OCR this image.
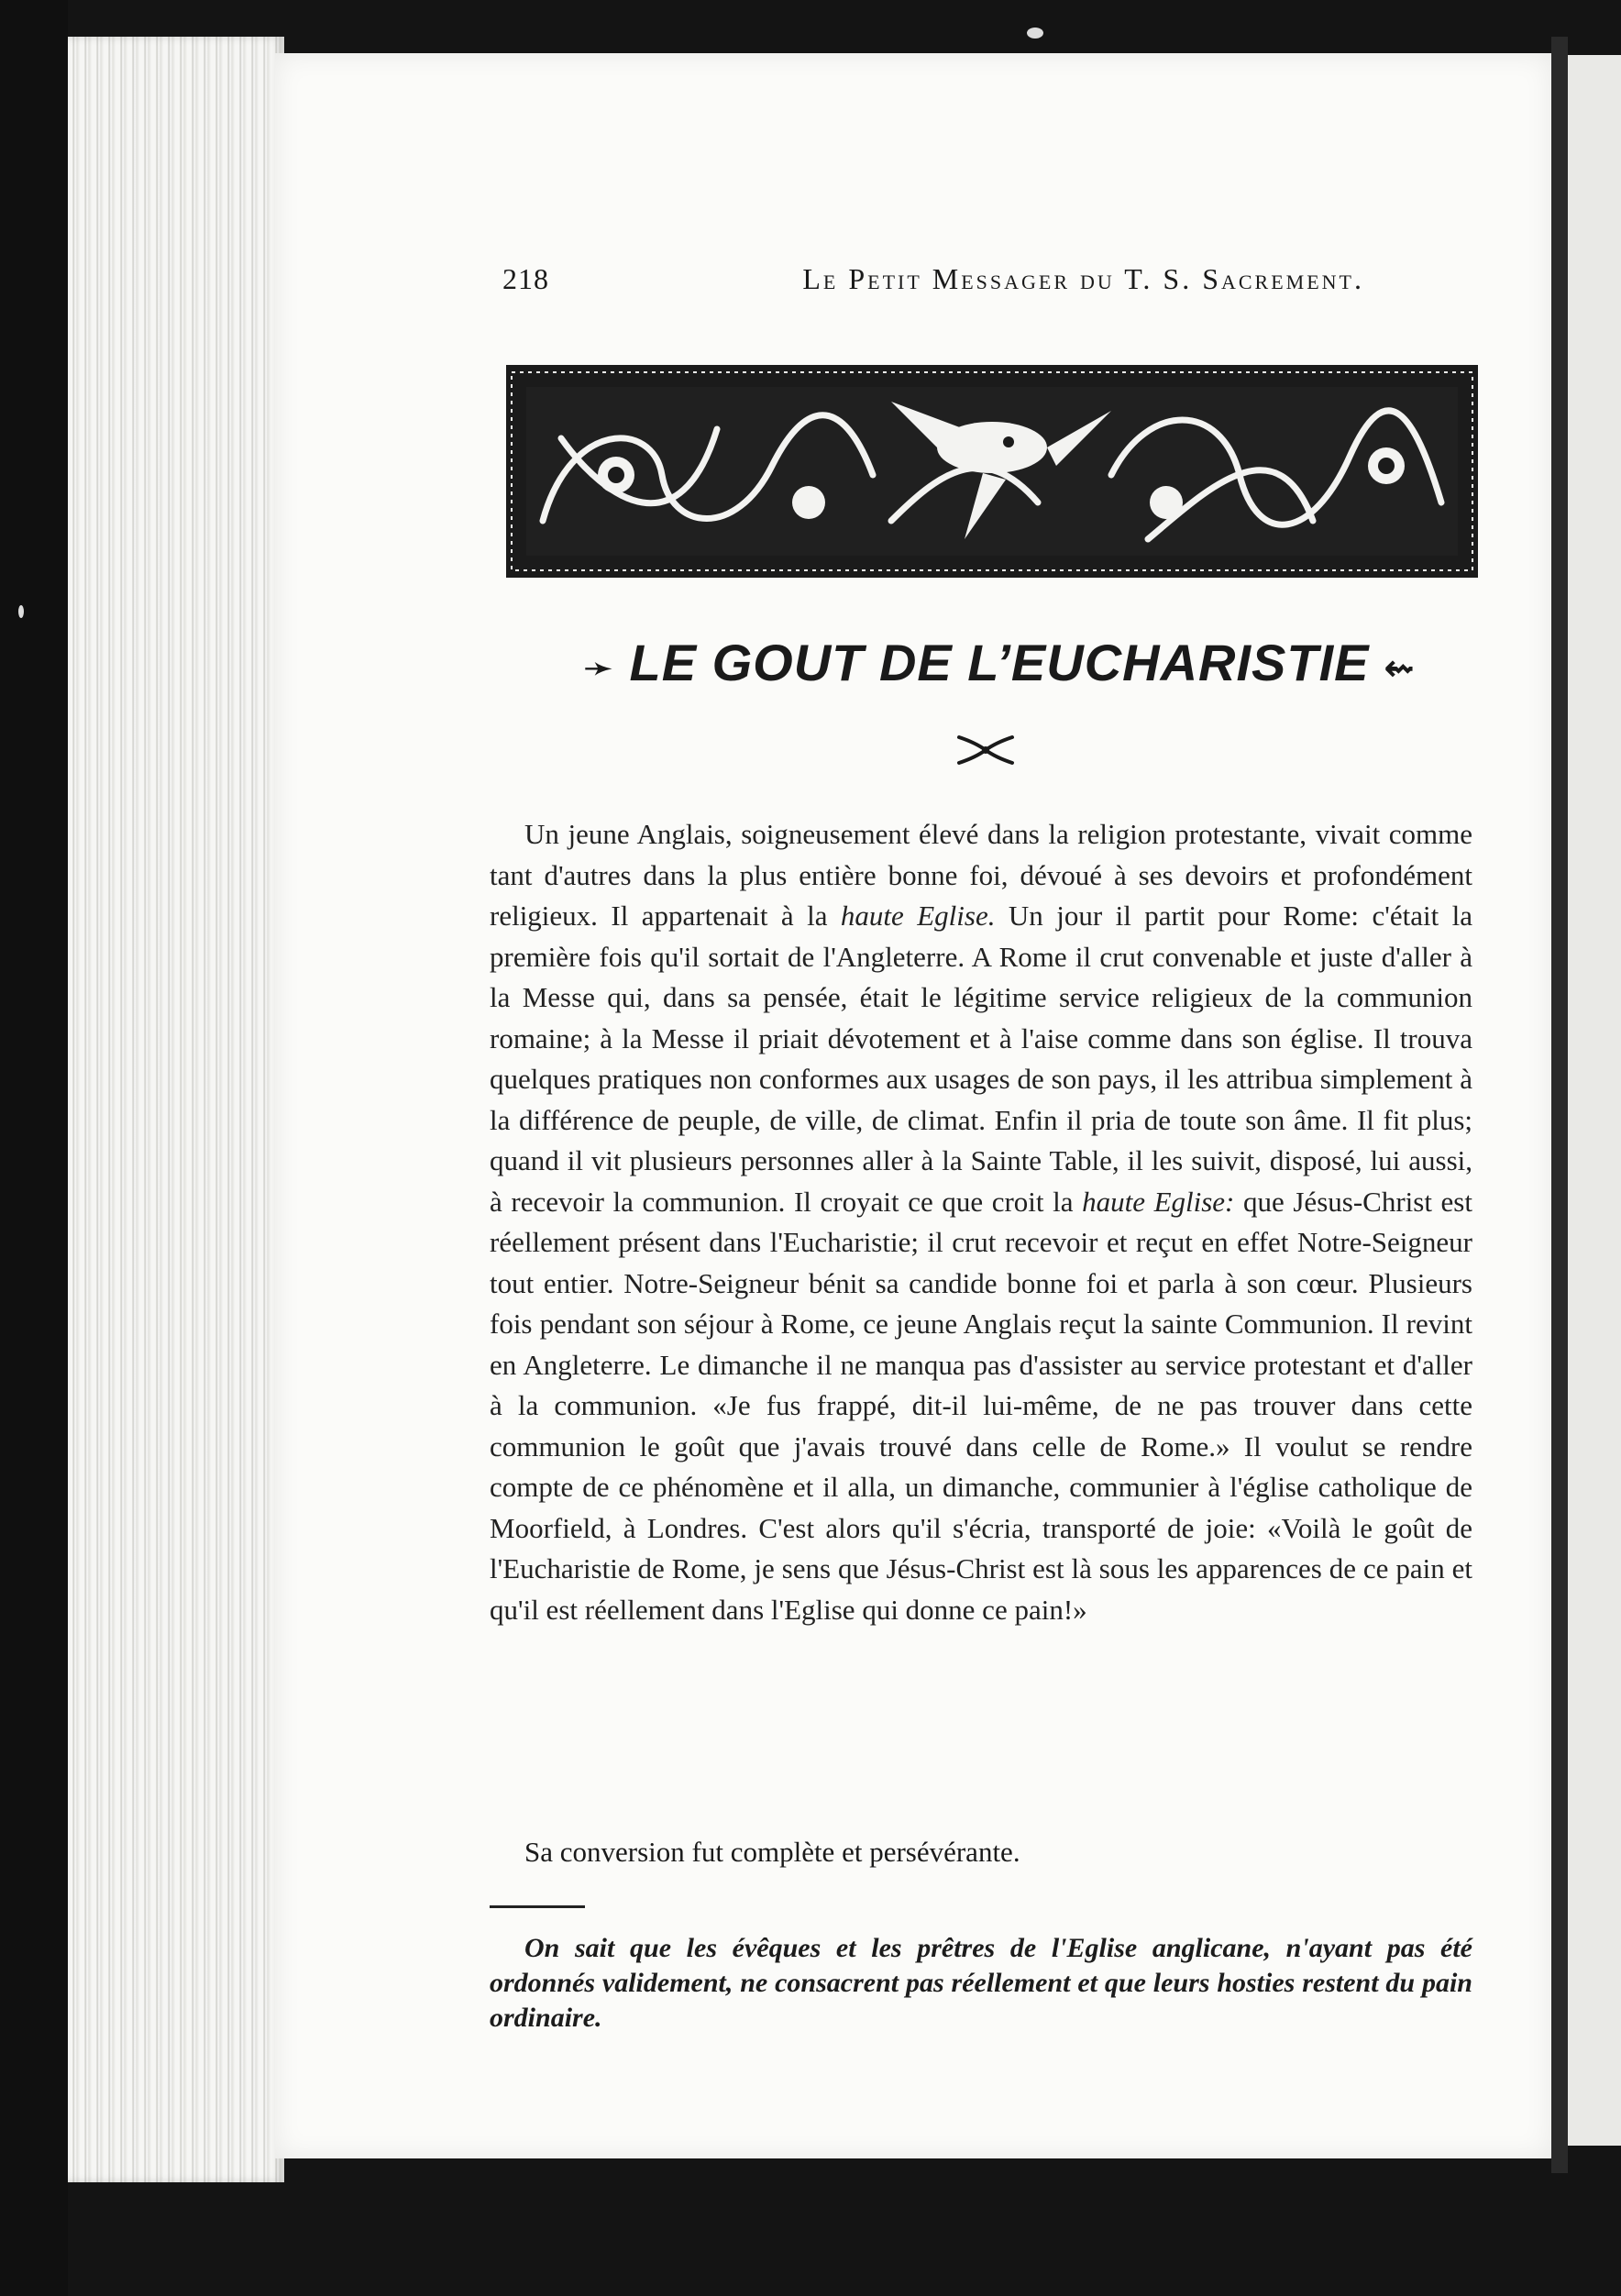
218	Le Petit Messager du T. S. Sacrement.
➛ LE GOUT DE L’EUCHARISTIE ⇜

Un jeune Anglais, soigneusement élevé dans la religion protestante, vivait comme tant d'autres dans la plus entière bonne foi, dévoué à ses devoirs et profondément religieux. Il appartenait à la haute Eglise. Un jour il partit pour Rome: c'était la première fois qu'il sortait de l'Angleterre. A Rome il crut convenable et juste d'aller à la Messe qui, dans sa pensée, était le légitime service religieux de la communion romaine; à la Messe il priait dévotement et à l'aise comme dans son église. Il trouva quelques pratiques non conformes aux usages de son pays, il les attribua simplement à la différence de peuple, de ville, de climat. Enfin il pria de toute son âme. Il fit plus; quand il vit plusieurs personnes aller à la Sainte Table, il les suivit, disposé, lui aussi, à recevoir la communion. Il croyait ce que croit la haute Eglise: que Jésus-Christ est réellement présent dans l'Eucharistie; il crut recevoir et reçut en effet Notre-Seigneur tout entier. Notre-Seigneur bénit sa candide bonne foi et parla à son cœur. Plusieurs fois pendant son séjour à Rome, ce jeune Anglais reçut la sainte Communion. Il revint en Angleterre. Le dimanche il ne manqua pas d'assister au service protestant et d'aller à la communion. «Je fus frappé, dit-il lui-même, de ne pas trouver dans cette communion le goût que j'avais trouvé dans celle de Rome.» Il voulut se rendre compte de ce phénomène et il alla, un dimanche, communier à l'église catholique de Moorfield, à Londres. C'est alors qu'il s'écria, transporté de joie: «Voilà le goût de l'Eucharistie de Rome, je sens que Jésus-Christ est là sous les apparences de ce pain et qu'il est réellement dans l'Eglise qui donne ce pain!»

Sa conversion fut complète et persévérante.

On sait que les évêques et les prêtres de l'Eglise anglicane, n'ayant pas été ordonnés validement, ne consacrent pas réellement et que leurs hosties restent du pain ordinaire.
